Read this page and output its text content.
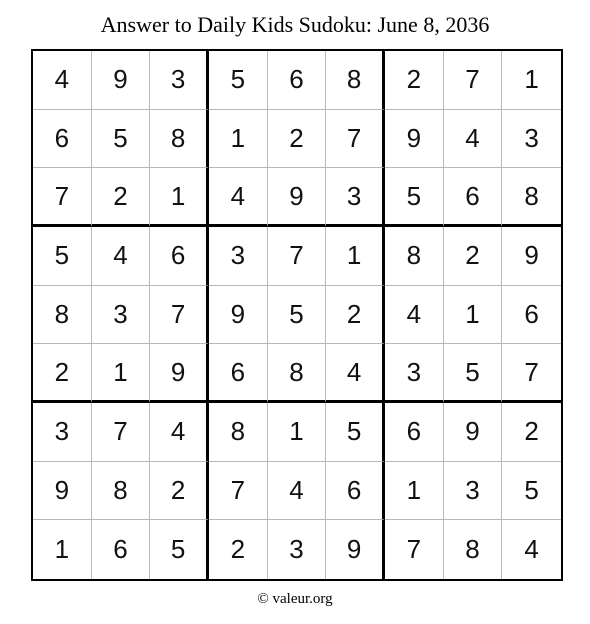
Answer to Daily Kids Sudoku: June 8, 2036
4	9	3	5	6	8	2	7	1
6	5	8	1	2	7	9	4	3
7	2	1	4	9	3	5	6	8
5	4	6	3	7	1	8	2	9
8	3	7	9	5	2	4	1	6
2	1	9	6	8	4	3	5	7
3	7	4	8	1	5	6	9	2
9	8	2	7	4	6	1	3	5
1	6	5	2	3	9	7	8	4
© valeur.org
